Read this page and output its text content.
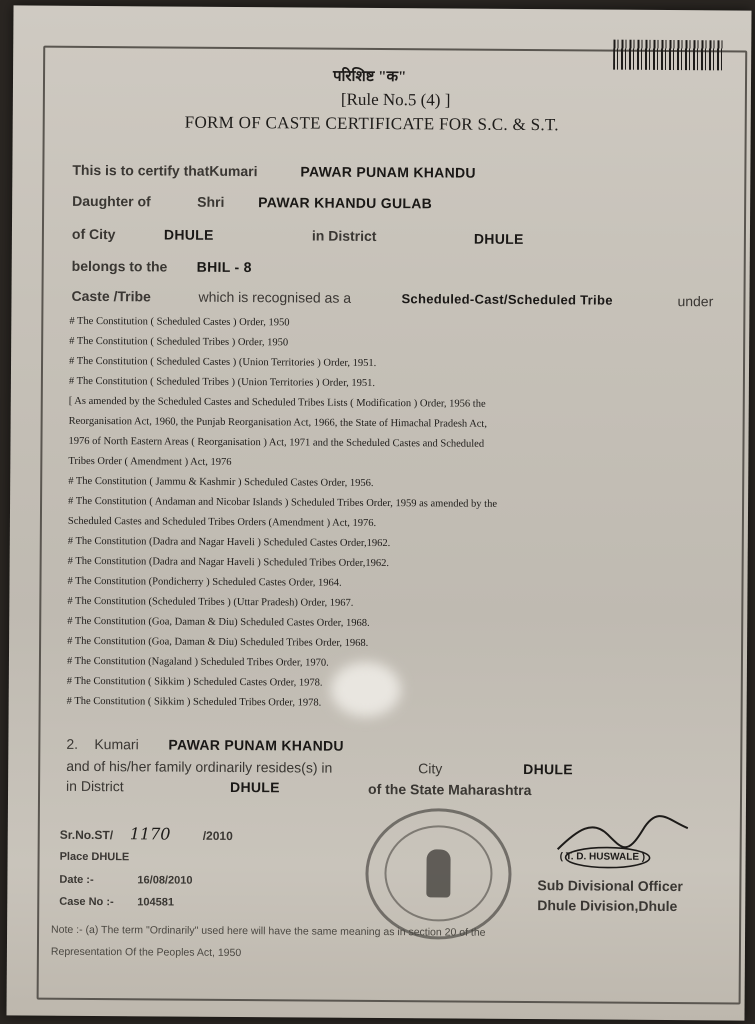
परिशिष्ट "क"
[Rule No.5 (4) ]
FORM OF CASTE CERTIFICATE FOR S.C. & S.T.
This is to certify thatKumari	PAWAR PUNAM KHANDU
Daughter of	Shri PAWAR KHANDU GULAB
of City	DHULE	in District	DHULE
belongs to the BHIL - 8
Caste /Tribe	which is recognised as a	Scheduled-Cast/Scheduled Tribe	under
# The Constitution ( Scheduled Castes ) Order, 1950
# The Constitution ( Scheduled Tribes ) Order, 1950
# The Constitution ( Scheduled Castes ) (Union Territories ) Order, 1951.
# The Constitution ( Scheduled Tribes ) (Union Territories ) Order, 1951.
[ As amended by the Scheduled Castes and Scheduled Tribes Lists ( Modification ) Order, 1956 the
Reorganisation Act, 1960, the Punjab Reorganisation Act, 1966, the State of Himachal Pradesh Act,
1976 of North Eastern Areas ( Reorganisation ) Act, 1971 and the Scheduled Castes and Scheduled
Tribes Order ( Amendment ) Act, 1976
# The Constitution ( Jammu & Kashmir ) Scheduled Castes Order, 1956.
# The Constitution ( Andaman and Nicobar Islands ) Scheduled Tribes Order, 1959 as amended by the
Scheduled Castes and Scheduled Tribes Orders (Amendment ) Act, 1976.
# The Constitution (Dadra and Nagar Haveli ) Scheduled Castes Order,1962.
# The Constitution (Dadra and Nagar Haveli ) Scheduled Tribes Order,1962.
# The Constitution (Pondicherry ) Scheduled Castes Order, 1964.
# The Constitution (Scheduled Tribes ) (Uttar Pradesh) Order, 1967.
# The Constitution (Goa, Daman & Diu) Scheduled Castes Order, 1968.
# The Constitution (Goa, Daman & Diu) Scheduled Tribes Order, 1968.
# The Constitution (Nagaland ) Scheduled Tribes Order, 1970.
# The Constitution ( Sikkim ) Scheduled Castes Order, 1978.
# The Constitution ( Sikkim ) Scheduled Tribes Order, 1978.
2. Kumari PAWAR PUNAM KHANDU
and of his/her family ordinarily resides(s) in	City	DHULE
in District	DHULE	of the State Maharashtra
Sr.No.ST/ 1170	/2010
Place DHULE
Date :-	16/08/2010
Case No :- 104581
( T. D. HUSWALE )
Sub Divisional Officer
Dhule Division,Dhule
Note :- (a) The term "Ordinarily" used here will have the same meaning as in section 20 of the
Representation Of the Peoples Act, 1950
